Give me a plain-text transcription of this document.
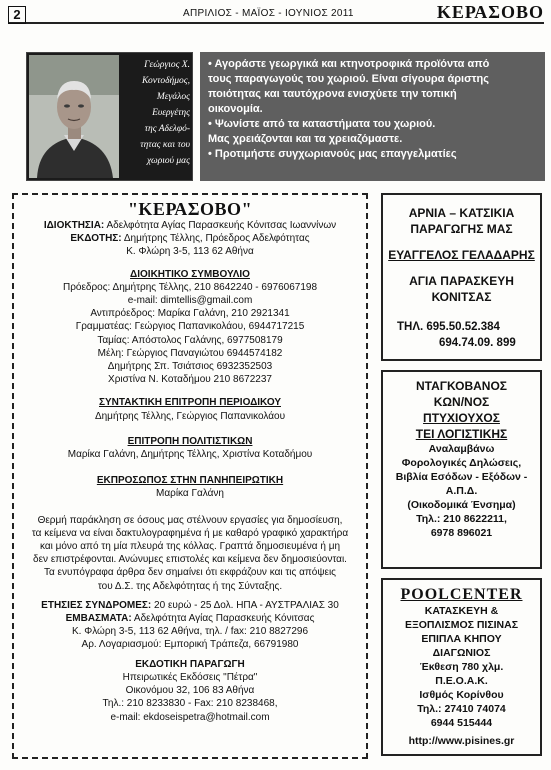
2	ΑΠΡΙΛΙΟΣ - ΜΑΪΟΣ - ΙΟΥΝΙΟΣ 2011	ΚΕΡΑΣΟΒΟ
Γεώργιος Χ.
Κοντοδήμος,
Μεγάλος
Ευεργέτης
της Αδελφό-
τητας και του
χωριού μας

• Αγοράστε γεωργικά και κτηνοτροφικά προϊόντα από

τους παραγωγούς του χωριού. Είναι σίγουρα άριστης

ποιότητας και ταυτόχρονα ενισχύετε την τοπική

οικονομία.

• Ψωνίστε από τα καταστήματα του χωριού.

Μας χρειάζονται και τα χρειαζόμαστε.

• Προτιμήστε συγχωριανούς μας επαγγελματίες

"ΚΕΡΑΣΟΒΟ"
ΙΔΙΟΚΤΗΣΙΑ: Αδελφότητα Αγίας Παρασκευής Κόνιτσας Ιωαννίνων
ΕΚΔΟΤΗΣ: Δημήτρης Τέλλης, Πρόεδρος Αδελφότητας
Κ. Φλώρη 3-5, 113 62 Αθήνα
ΔΙΟΙΚΗΤΙΚΟ ΣΥΜΒΟΥΛΙΟ
Πρόεδρος: Δημήτρης Τέλλης, 210 8642240 - 6976067198
e-mail: dimtellis@gmail.com
Αντιπρόεδρος: Μαρίκα Γαλάνη, 210 2921341
Γραμματέας: Γεώργιος Παπανικολάου, 6944717215
Ταμίας: Απόστολος Γαλάνης, 6977508179
Μέλη: Γεώργιος Παναγιώτου 6944574182
Δημήτρης Σπ. Τσιάτσιος 6932352503
Χριστίνα Ν. Κοταδήμου 210 8672237
ΣΥΝΤΑΚΤΙΚΗ ΕΠΙΤΡΟΠΗ ΠΕΡΙΟΔΙΚΟΥ
Δημήτρης Τέλλης, Γεώργιος Παπανικολάου
ΕΠΙΤΡΟΠΗ ΠΟΛΙΤΙΣΤΙΚΩΝ
Μαρίκα Γαλάνη, Δημήτρης Τέλλης, Χριστίνα Κοταδήμου
ΕΚΠΡΟΣΩΠΟΣ ΣΤΗΝ ΠΑΝΗΠΕΙΡΩΤΙΚΗ
Μαρίκα Γαλάνη
Θερμή παράκληση σε όσους μας στέλνουν εργασίες για δημοσίευση,
τα κείμενα να είναι δακτυλογραφημένα ή με καθαρό γραφικό χαρακτήρα
και μόνο από τη μία πλευρά της κόλλας. Γραπτά δημοσιευμένα ή μη
δεν επιστρέφονται. Ανώνυμες επιστολές και κείμενα δεν δημοσιεύονται.
Τα ενυπόγραφα άρθρα δεν σημαίνει ότι εκφράζουν και τις απόψεις
του Δ.Σ. της Αδελφότητας ή της Σύνταξης.
ΕΤΗΣΙΕΣ ΣΥΝΔΡΟΜΕΣ: 20 ευρώ - 25 Δολ. ΗΠΑ - ΑΥΣΤΡΑΛΙΑΣ 30
ΕΜΒΑΣΜΑΤΑ: Αδελφότητα Αγίας Παρασκευής Κόνιτσας
Κ. Φλώρη 3-5, 113 62 Αθήνα, τηλ. / fax: 210 8827296
Αρ. Λογαριασμού: Εμπορική Τράπεζα, 66791980
ΕΚΔΟΤΙΚΗ ΠΑΡΑΓΩΓΗ
Ηπειρωτικές Εκδόσεις "Πέτρα"
Οικονόμου 32, 106 83 Αθήνα
Τηλ.: 210 8233830 - Fax: 210 8238468,
e-mail: ekdoseispetra@hotmail.com
ΑΡΝΙΑ – ΚΑΤΣΙΚΙΑ
ΠΑΡΑΓΩΓΗΣ ΜΑΣ
ΕΥΑΓΓΕΛΟΣ ΓΕΛΑΔΑΡΗΣ
ΑΓΙΑ ΠΑΡΑΣΚΕΥΗ
ΚΟΝΙΤΣΑΣ
ΤΗΛ. 695.50.52.384
694.74.09. 899
ΝΤΑΓΚΟΒΑΝΟΣ
ΚΩΝ/ΝΟΣ
ΠΤΥΧΙΟΥΧΟΣ
ΤΕΙ ΛΟΓΙΣΤΙΚΗΣ
Αναλαμβάνω
Φορολογικές Δηλώσεις,
Βιβλία Εσόδων - Εξόδων -
Α.Π.Δ.
(Οικοδομικά Ένσημα)
Τηλ.: 210 8622211,
6978 896021
POOLCENTER
ΚΑΤΑΣΚΕΥΗ &
ΕΞΟΠΛΙΣΜΟΣ ΠΙΣΙΝΑΣ
ΕΠΙΠΛΑ ΚΗΠΟΥ
ΔΙΑΓΩΝΙΟΣ
Έκθεση 780 χλμ.
Π.Ε.Ο.Α.Κ.
Ισθμός Κορίνθου
Τηλ.: 27410 74074
6944 515444
http://www.pisines.gr
